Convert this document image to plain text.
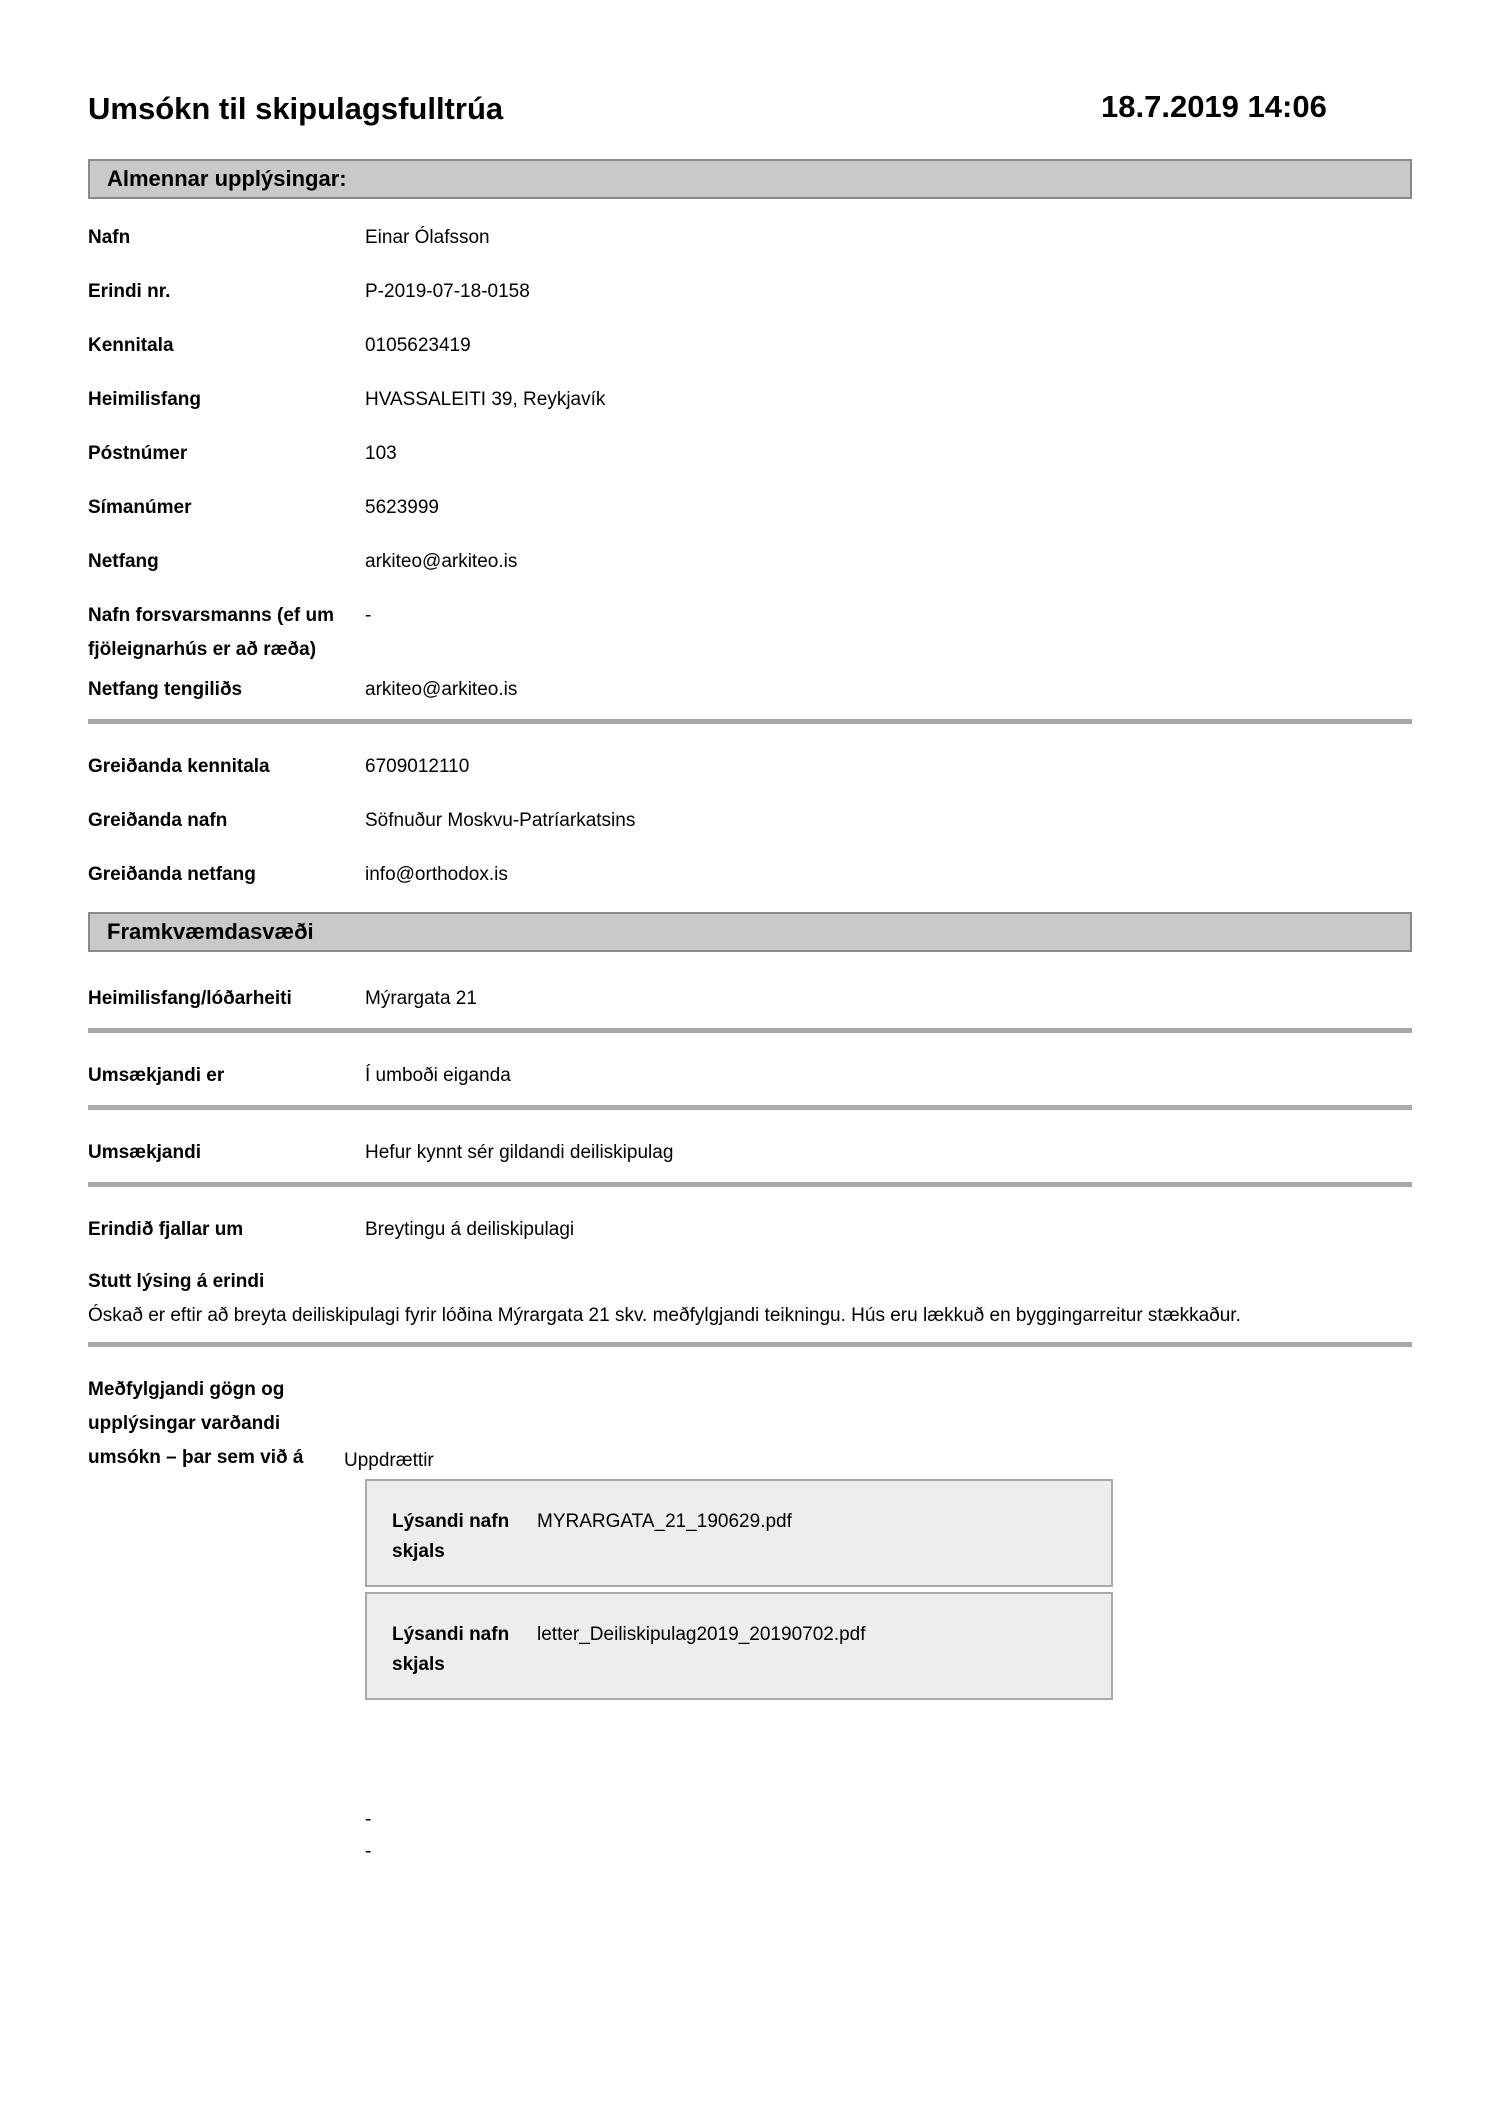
Umsókn til skipulagsfulltrúa	18.7.2019 14:06
Almennar upplýsingar:
Nafn	Einar Ólafsson
Erindi nr.	P-2019-07-18-0158
Kennitala	0105623419
Heimilisfang	HVASSALEITI 39, Reykjavík
Póstnúmer	103
Símanúmer	5623999
Netfang	arkiteo@arkiteo.is
Nafn forsvarsmanns (ef um fjöleignarhús er að ræða)
-
Netfang tengiliðs	arkiteo@arkiteo.is
Greiðanda kennitala	6709012110
Greiðanda nafn	Söfnuður Moskvu-Patríarkatsins
Greiðanda netfang	info@orthodox.is
Framkvæmdasvæði
Heimilisfang/lóðarheiti	Mýrargata 21
Umsækjandi er	Í umboði eiganda
Umsækjandi	Hefur kynnt sér gildandi deiliskipulag
Erindið fjallar um	Breytingu á deiliskipulagi
Stutt lýsing á erindi

Óskað er eftir að breyta deiliskipulagi fyrir lóðina Mýrargata 21 skv. meðfylgjandi teikningu. Hús eru lækkuð en byggingarreitur stækkaður.

Meðfylgjandi gögn og upplýsingar varðandi umsókn – þar sem við á	Uppdrættir
Lýsandi nafn skjals
MYRARGATA_21_190629.pdf
Lýsandi nafn skjals
letter_Deiliskipulag2019_20190702.pdf
-
-
